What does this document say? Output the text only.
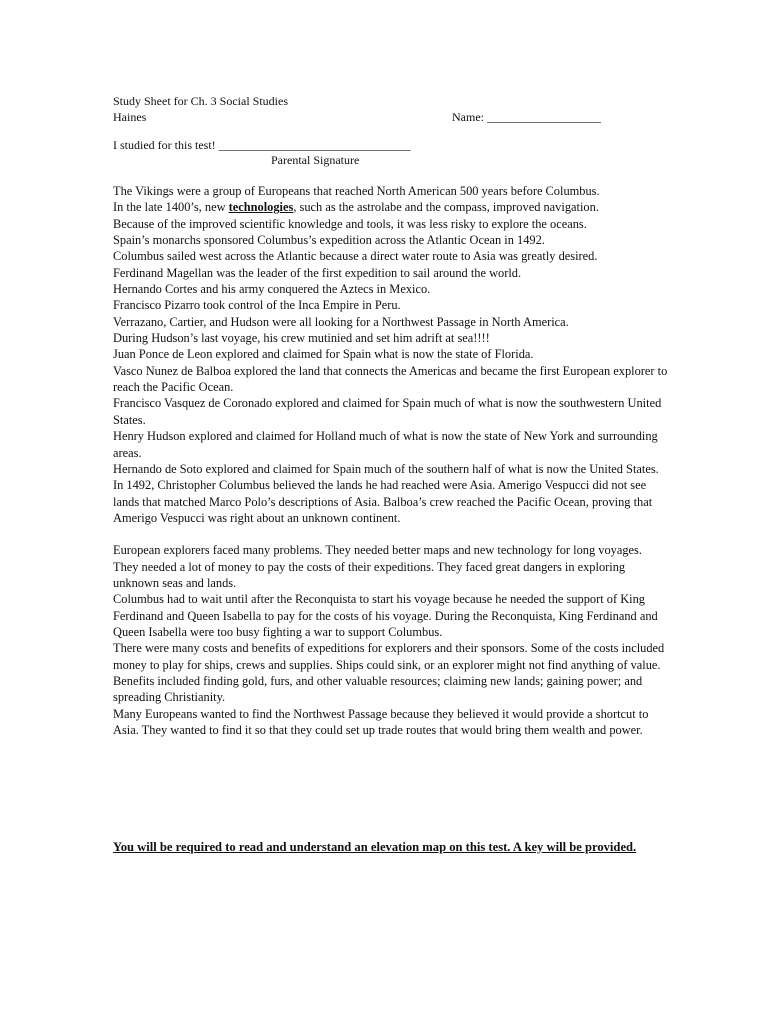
Study Sheet for Ch. 3 Social Studies
Haines	Name: ___________________
I studied for this test! ________________________________
Parental Signature

The Vikings were a group of Europeans that reached North American 500 years before Columbus.

In the late 1400’s, new technologies, such as the astrolabe and the compass, improved navigation.

Because of the improved scientific knowledge and tools, it was less risky to explore the oceans.

Spain’s monarchs sponsored Columbus’s expedition across the Atlantic Ocean in 1492.

Columbus sailed west across the Atlantic because a direct water route to Asia was greatly desired.

Ferdinand Magellan was the leader of the first expedition to sail around the world.

Hernando Cortes and his army conquered the Aztecs in Mexico.

Francisco Pizarro took control of the Inca Empire in Peru.

Verrazano, Cartier, and Hudson were all looking for a Northwest Passage in North America.

During Hudson’s last voyage, his crew mutinied and set him adrift at sea!!!!

Juan Ponce de Leon explored and claimed for Spain what is now the state of Florida.

Vasco Nunez de Balboa explored the land that connects the Americas and became the first European explorer to reach the Pacific Ocean.

Francisco Vasquez de Coronado explored and claimed for Spain much of what is now the southwestern United States.

Henry Hudson explored and claimed for Holland much of what is now the state of New York and surrounding areas.

Hernando de Soto explored and claimed for Spain much of the southern half of what is now the United States.

In 1492, Christopher Columbus believed the lands he had reached were Asia. Amerigo Vespucci did not see lands that matched Marco Polo’s descriptions of Asia. Balboa’s crew reached the Pacific Ocean, proving that Amerigo Vespucci was right about an unknown continent.

European explorers faced many problems. They needed better maps and new technology for long voyages. They needed a lot of money to pay the costs of their expeditions. They faced great dangers in exploring unknown seas and lands.

Columbus had to wait until after the Reconquista to start his voyage because he needed the support of King Ferdinand and Queen Isabella to pay for the costs of his voyage. During the Reconquista, King Ferdinand and Queen Isabella were too busy fighting a war to support Columbus.

There were many costs and benefits of expeditions for explorers and their sponsors. Some of the costs included money to play for ships, crews and supplies. Ships could sink, or an explorer might not find anything of value. Benefits included finding gold, furs, and other valuable resources; claiming new lands; gaining power; and spreading Christianity.

Many Europeans wanted to find the Northwest Passage because they believed it would provide a shortcut to Asia. They wanted to find it so that they could set up trade routes that would bring them wealth and power.

You will be required to read and understand an elevation map on this test. A key will be provided.
